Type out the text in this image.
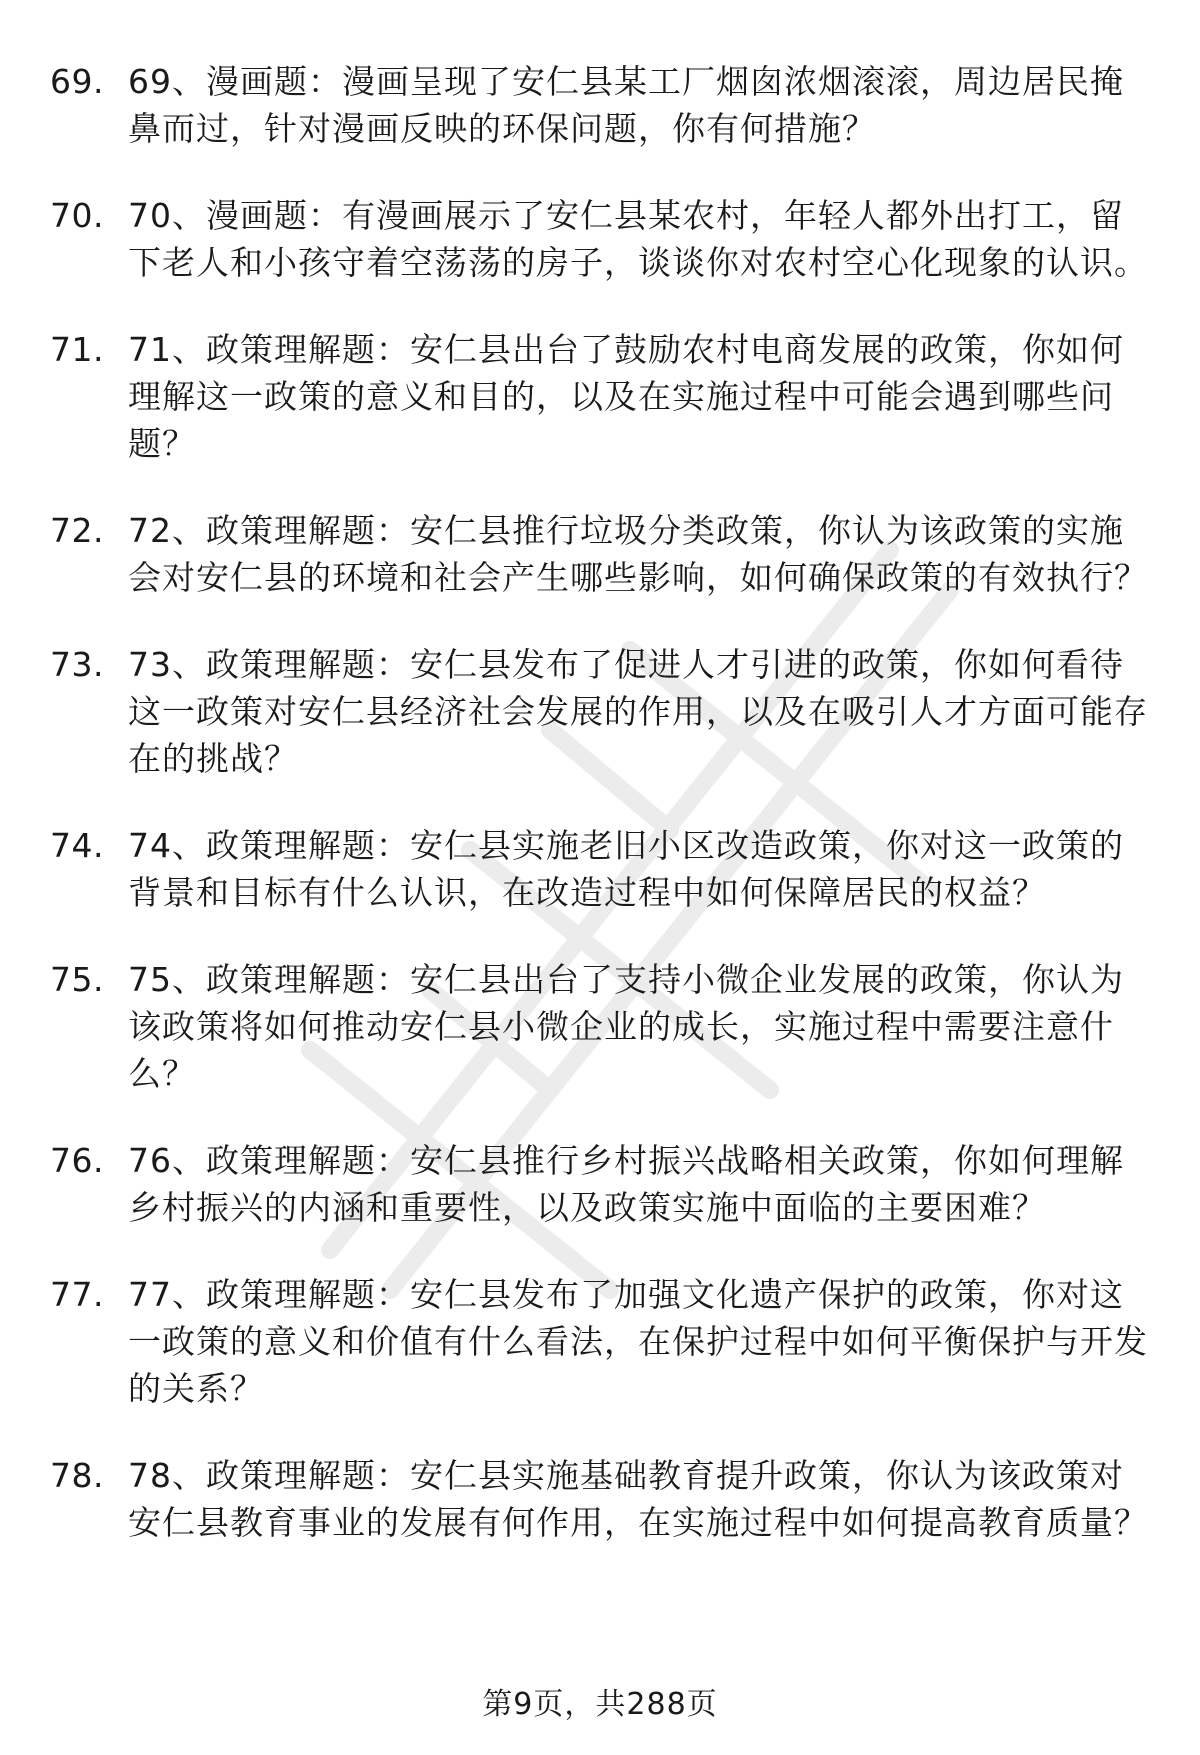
69. 69、漫画题：漫画呈现了安仁县某工厂烟囱浓烟滚滚，周边居民掩鼻而过，针对漫画反映的环保问题，你有何措施？
70. 70、漫画题：有漫画展示了安仁县某农村，年轻人都外出打工，留下老人和小孩守着空荡荡的房子，谈谈你对农村空心化现象的认识。
71. 71、政策理解题：安仁县出台了鼓励农村电商发展的政策，你如何理解这一政策的意义和目的，以及在实施过程中可能会遇到哪些问题？
72. 72、政策理解题：安仁县推行垃圾分类政策，你认为该政策的实施会对安仁县的环境和社会产生哪些影响，如何确保政策的有效执行？
73. 73、政策理解题：安仁县发布了促进人才引进的政策，你如何看待这一政策对安仁县经济社会发展的作用，以及在吸引人才方面可能存在的挑战？
74. 74、政策理解题：安仁县实施老旧小区改造政策，你对这一政策的背景和目标有什么认识，在改造过程中如何保障居民的权益？
75. 75、政策理解题：安仁县出台了支持小微企业发展的政策，你认为该政策将如何推动安仁县小微企业的成长，实施过程中需要注意什么？
76. 76、政策理解题：安仁县推行乡村振兴战略相关政策，你如何理解乡村振兴的内涵和重要性，以及政策实施中面临的主要困难？
77. 77、政策理解题：安仁县发布了加强文化遗产保护的政策，你对这一政策的意义和价值有什么看法，在保护过程中如何平衡保护与开发的关系？
78. 78、政策理解题：安仁县实施基础教育提升政策，你认为该政策对安仁县教育事业的发展有何作用，在实施过程中如何提高教育质量？
第9页，共288页
